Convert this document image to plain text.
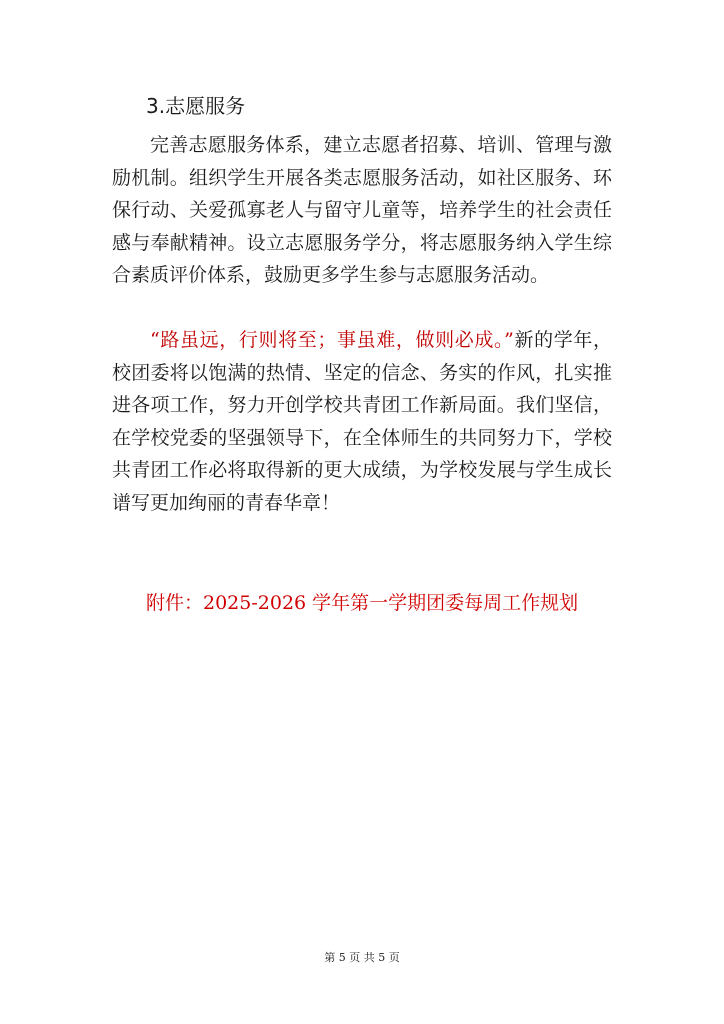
3.志愿服务

完善志愿服务体系，建立志愿者招募、培训、管理与激励机制。组织学生开展各类志愿服务活动，如社区服务、环保行动、关爱孤寡老人与留守儿童等，培养学生的社会责任感与奉献精神。设立志愿服务学分，将志愿服务纳入学生综合素质评价体系，鼓励更多学生参与志愿服务活动。

“路虽远，行则将至；事虽难，做则必成。”新的学年，校团委将以饱满的热情、坚定的信念、务实的作风，扎实推进各项工作，努力开创学校共青团工作新局面。我们坚信，在学校党委的坚强领导下，在全体师生的共同努力下，学校共青团工作必将取得新的更大成绩，为学校发展与学生成长谱写更加绚丽的青春华章！

附件：2025-2026 学年第一学期团委每周工作规划
第 5 页 共 5 页
